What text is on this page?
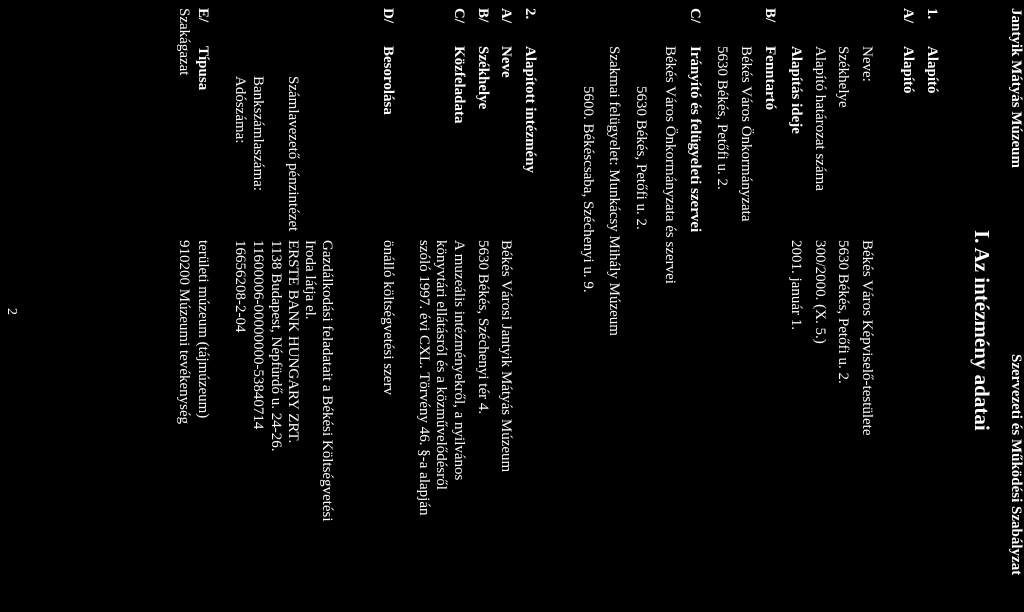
Jantyik Mátyás Múzeum
Szervezeti és Működési Szabályzat
I. Az intézmény adatai
1.
Alapító
A/
Alapító
Neve:
Békés Város Képviselő-testülete
Székhelye
5630 Békés, Petőfi u. 2.
Alapító határozat száma
300/2000. (X. 5.)
Alapítás ideje
2001. január 1.
B/
Fenntartó
Békés Város Önkormányzata
5630 Békés, Petőfi u. 2.
C/
Irányító és felügyeleti szervei
Békés Város Önkormányzata és szervei
5630 Békés, Petőfi u. 2.
Szakmai felügyelet: Munkácsy Mihály Múzeum
5600. Békéscsaba, Széchenyi u. 9.
2.
Alapított intézmény
A/
Neve
Békés Városi Jantyik Mátyás Múzeum
B/
Székhelye
5630 Békés, Széchenyi tér 4.
C/
Közfeladata
A muzeális intézményekről, a nyilvános
könyvtári ellátásról és a közművelődésről
szóló 1997. évi CXL. Törvény 46. §-a alapján
D/
Besorolása
önálló költségvetési szerv
Gazdálkodási feladatait a Békési Költségvetési
Iroda látja el.
Számlavezető pénzintézet
ERSTE BANK HUNGARY ZRT.
1138 Budapest, Népfürdő u. 24-26.
Bankszámlaszáma:
11600006-00000000-53840714
Adószáma:
16656208-2-04
E/
Típusa
területi múzeum (tájmúzeum)
Szakágazat
910200 Múzeumi tevékenység
2
